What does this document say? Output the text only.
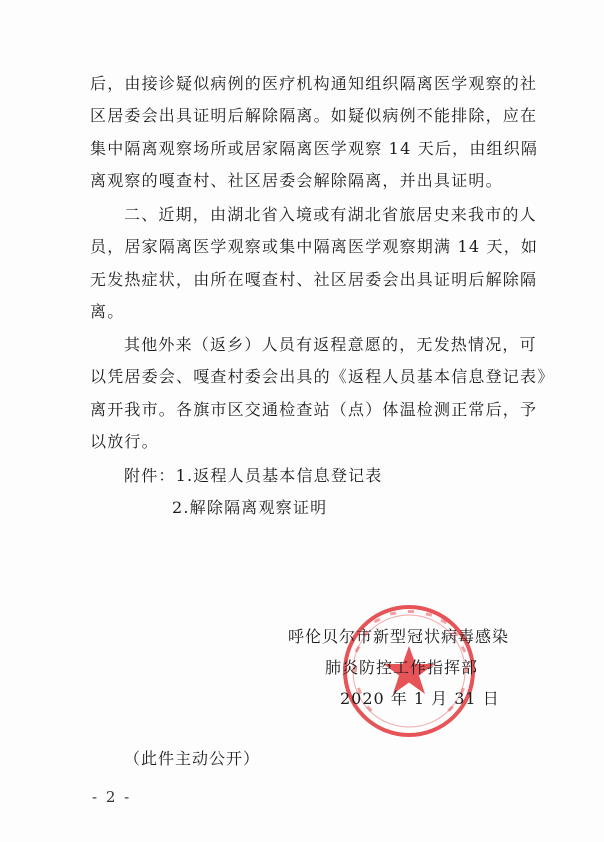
后，由接诊疑似病例的医疗机构通知组织隔离医学观察的社
区居委会出具证明后解除隔离。如疑似病例不能排除，应在
集中隔离观察场所或居家隔离医学观察 14 天后，由组织隔
离观察的嘎查村、社区居委会解除隔离，并出具证明。
二、近期，由湖北省入境或有湖北省旅居史来我市的人
员，居家隔离医学观察或集中隔离医学观察期满 14 天，如
无发热症状，由所在嘎查村、社区居委会出具证明后解除隔
离。
其他外来（返乡）人员有返程意愿的，无发热情况，可
以凭居委会、嘎查村委会出具的《返程人员基本信息登记表》
离开我市。各旗市区交通检查站（点）体温检测正常后，予
以放行。
附件：1.返程人员基本信息登记表
2.解除隔离观察证明
呼伦贝尔市新型冠状病毒感染
肺炎防控工作指挥部
2020 年 1 月 31 日
（此件主动公开）
- 2 -
